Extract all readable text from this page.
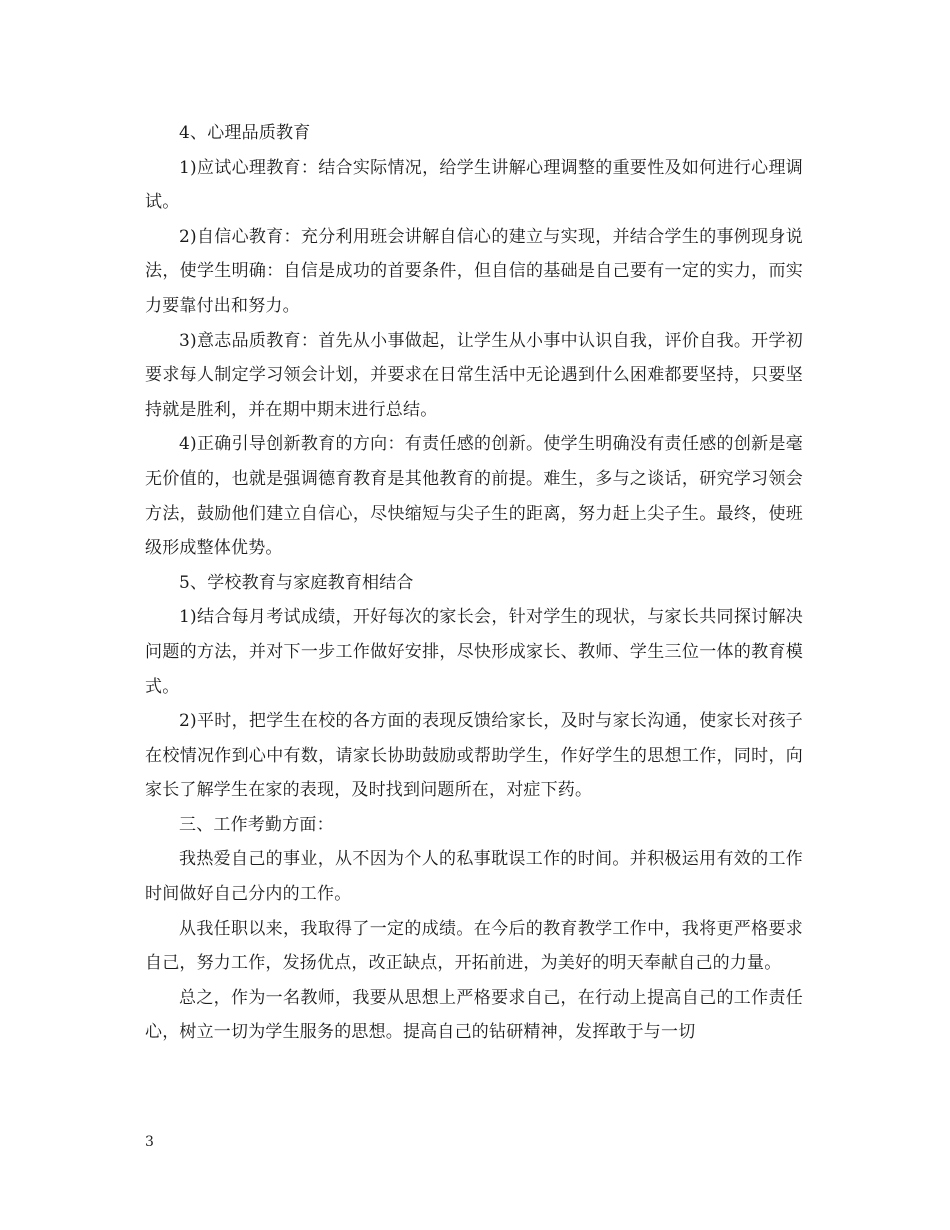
4、心理品质教育

1)应试心理教育：结合实际情况，给学生讲解心理调整的重要性及如何进行心理调试。

2)自信心教育：充分利用班会讲解自信心的建立与实现，并结合学生的事例现身说法，使学生明确：自信是成功的首要条件，但自信的基础是自己要有一定的实力，而实力要靠付出和努力。

3)意志品质教育：首先从小事做起，让学生从小事中认识自我，评价自我。开学初要求每人制定学习领会计划，并要求在日常生活中无论遇到什么困难都要坚持，只要坚持就是胜利，并在期中期末进行总结。

4)正确引导创新教育的方向：有责任感的创新。使学生明确没有责任感的创新是毫无价值的，也就是强调德育教育是其他教育的前提。难生，多与之谈话，研究学习领会方法，鼓励他们建立自信心，尽快缩短与尖子生的距离，努力赶上尖子生。最终，使班级形成整体优势。

5、学校教育与家庭教育相结合

1)结合每月考试成绩，开好每次的家长会，针对学生的现状，与家长共同探讨解决问题的方法，并对下一步工作做好安排，尽快形成家长、教师、学生三位一体的教育模式。

2)平时，把学生在校的各方面的表现反馈给家长，及时与家长沟通，使家长对孩子在校情况作到心中有数，请家长协助鼓励或帮助学生，作好学生的思想工作，同时，向家长了解学生在家的表现，及时找到问题所在，对症下药。

三、工作考勤方面：

我热爱自己的事业，从不因为个人的私事耽误工作的时间。并积极运用有效的工作时间做好自己分内的工作。

从我任职以来，我取得了一定的成绩。在今后的教育教学工作中，我将更严格要求自己，努力工作，发扬优点，改正缺点，开拓前进，为美好的明天奉献自己的力量。

总之，作为一名教师，我要从思想上严格要求自己，在行动上提高自己的工作责任心，树立一切为学生服务的思想。提高自己的钻研精神，发挥敢于与一切

3
